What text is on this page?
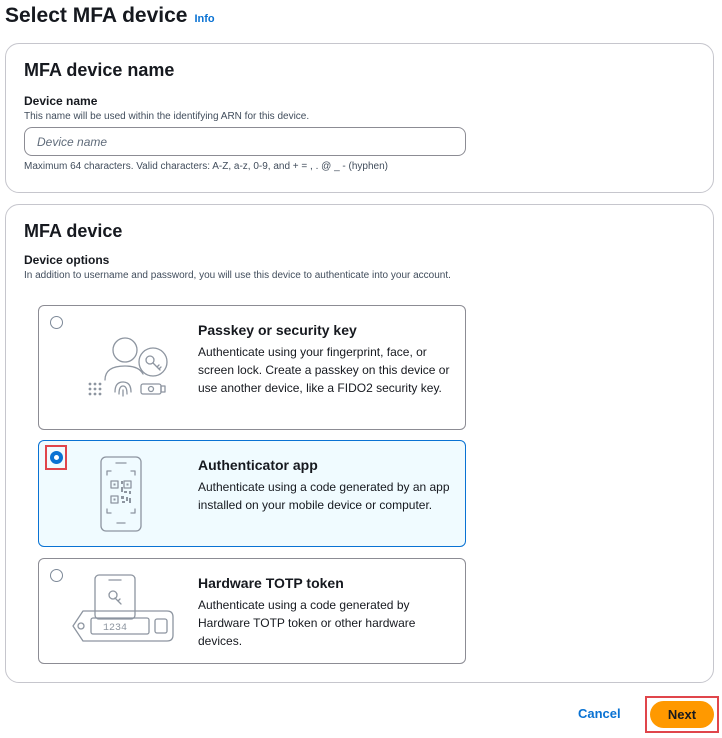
Select MFA device Info
MFA device name
Device name
This name will be used within the identifying ARN for this device.
Device name
Maximum 64 characters. Valid characters: A-Z, a-z, 0-9, and + = , . @ _ - (hyphen)
MFA device
Device options
In addition to username and password, you will use this device to authenticate into your account.
Passkey or security key
Authenticate using your fingerprint, face, or screen lock. Create a passkey on this device or use another device, like a FIDO2 security key.
Authenticator app
Authenticate using a code generated by an app installed on your mobile device or computer.
1234
Hardware TOTP token
Authenticate using a code generated by Hardware TOTP token or other hardware devices.
Cancel	Next
